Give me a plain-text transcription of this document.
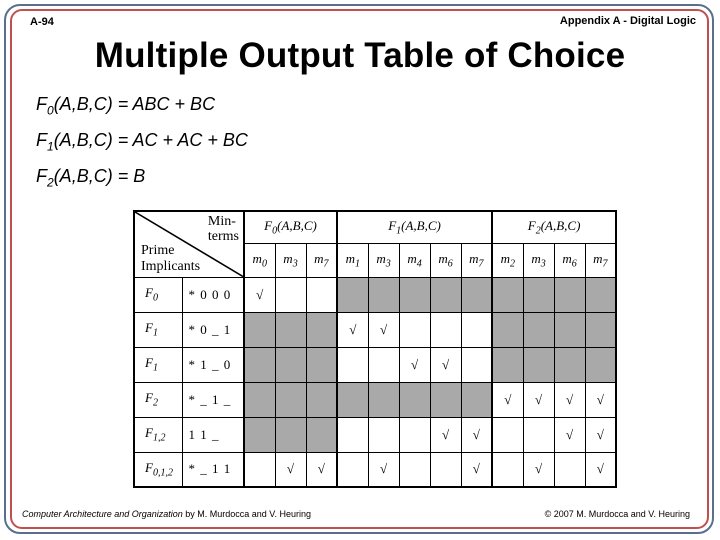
A-94	Appendix A - Digital Logic
Multiple Output Table of Choice
$F_0(A,B,C)$ = ABC + BC
$F_1(A,B,C)$ = AC + AC + BC
$F_2(A,B,C) = B$
Min-
terms
Prime
Implicants		$F_0(A,B,C)$			$F_1(A,B,C)$					$F_2(A,B,C)$			
		$m_0$	$m_3$	$m_7$	$m_1$	$m_3$	$m_4$	$m_6$	$m_7$	$m_2$	$m_3$	$m_6$	$m_7$
$F_0$	* 0 0 0	√											
$F_1$	* 0 _ 1				√	√							
$F_1$	* 1 _ 0						√	√					
$F_2$	* _ 1 _									√	√	√	√
$F_{1,2}$	1 1 _							√	√			√	√
$F_{0,1,2}$	* _ 1 1		√	√		√			√		√		√
Computer Architecture and Organization by M. Murdocca and V. Heuring	© 2007 M. Murdocca and V. Heuring
